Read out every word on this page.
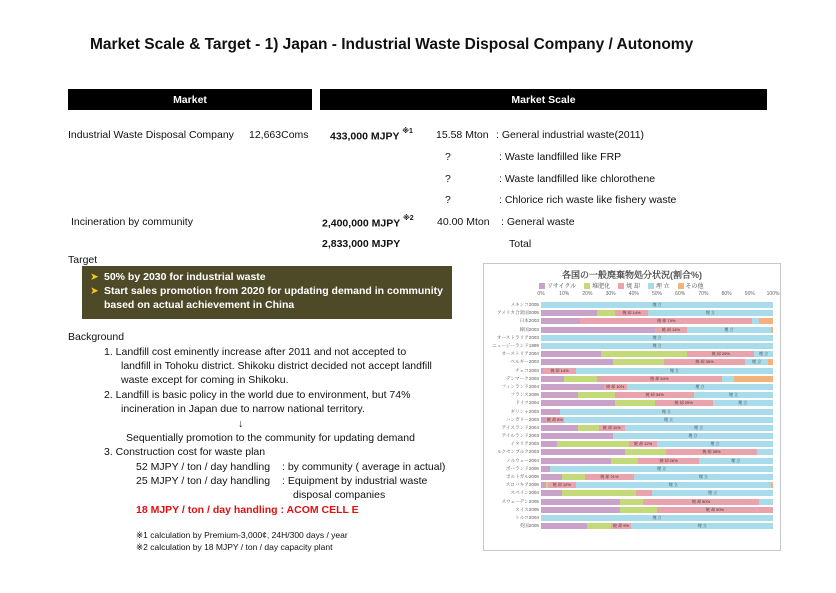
Market Scale & Target - 1) Japan - Industrial Waste Disposal Company / Autonomy
Market	Market Scale
Industrial Waste Disposal Company 12,663Coms 433,000 MJPY $^{※1}$ 15.58 Mton : General industrial waste(2011)
?	: Waste landfilled like FRP
?	: Waste landfilled like chlorothene
?	: Chlorice rich waste like fishery waste
Incineration by community	2,400,000 MJPY $^{※2}$ 40.00 Mton : General waste
2,833,000 MJPY	Total
Target
➤ 50% by 2030 for industrial waste
➤ Start sales promotion from 2020 for updating demand in community based on actual achievement in China
Background
1. Landfill cost eminently increase after 2011 and not accepted to
landfill in Tohoku district. Shikoku district decided not accept landfill
waste except for coming in Shikoku.
2. Landfill is basic policy in the world due to environment, but 74%
incineration in Japan due to narrow national territory.
↓
Sequentially promotion to the community for updating demand
3. Construction cost for waste plan
52 MJPY / ton / day handling : by community ( average in actual)
25 MJPY / ton / day handling : Equipment by industrial waste
disposal companies
18 MJPY / ton / day handling : ACOM CELL E
※1 calculation by Premium-3,000¢, 24H/300 days / year
※2 calculation by 18 MJPY / ton / day capacity plant
各国の一般廃棄物処分状況(割合%)
リサイクル	堆肥化	焼 却	埋 立	その他
0%	10%	20%	30%	40%	50%	60%	70%	80%	90% 100%
メキシコ2005	埋 立
アメリカ合衆国2005	焼 却 14%	埋 立
日本2003	焼 却 74%
韓国2003	焼 却 14%	埋 立
オーストラリア2003	埋 立
ニュージーランド1999	埋 立
オーストリア2004	焼 却 29%	埋 立
ベルギー2003	焼 却 35%	埋 立
チェコ2003	焼 却 14%	埋 立
デンマーク2003	焼 却 54%
フィンランド2004	焼 却 10%	埋 立
フランス2005	焼 却 34%	埋 立
ドイツ2004	焼 却 25%	埋 立
ギリシャ2003	埋 立
ハンガリー2003 焼 却 8%	埋 立
アイスランド2004	焼 却 11%	埋 立
アイルランド2003	埋 立
イタリア2003	焼 却 12%	埋 立
ルクセンブルク2003	焼 却 39%
ノルウェー2004	焼 却 26%	埋 立
ポーランド2005	埋 立
ポルトガル2005	焼 却 21%	埋 立
スロバキア2005	焼 却 12%	埋 立
スペイン2004	埋 立
スウェーデン2005	焼 却 50%
スイス2005	焼 却 50%
トルコ2004	埋 立
英国2005	焼 却 9%	埋 立
